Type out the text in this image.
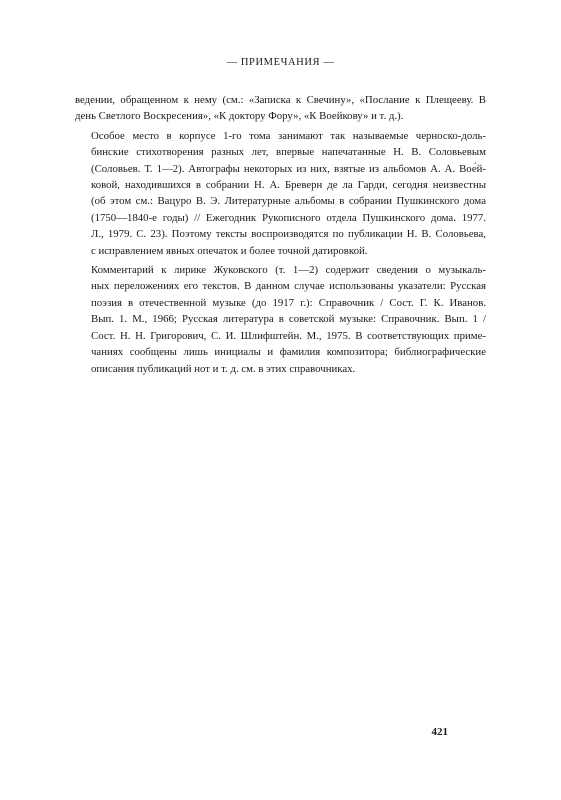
— ПРИМЕЧАНИЯ —

ведении, обращенном к нему (см.: «Записка к Свечину», «Послание к Плещееву. В
день Светлого Воскресения», «К доктору Фору», «К Воейкову» и т. д.).

Особое место в корпусе 1-го тома занимают так называемые черноско-доль-
бинские стихотворения разных лет, впервые напечатанные Н. В. Соловьевым
(Соловьев. Т. 1—2). Автографы некоторых из них, взятые из альбомов А. А. Вое́й-
ковой, находившихся в собрании Н. А. Бреверн де ла Гарди, сегодня неизвестны
(об этом см.: Вацуро В. Э. Литературные альбомы в собрании Пушкинского дома
(1750—1840-е годы) // Ежегодник Рукописного отдела Пушкинского дома. 1977.
Л., 1979. С. 23). Поэтому тексты воспроизводятся по публикации Н. В. Соловьева,
с исправлением явных опечаток и более точной датировкой.

Комментарий к лирике Жуковского (т. 1—2) содержит сведения о музыкаль-
ных переложениях его текстов. В данном случае использованы указатели: Русская
поэзия в отечественной музыке (до 1917 г.): Справочник / Сост. Г. К. Иванов.
Вып. 1. М., 1966; Русская литература в советской музыке: Справочник. Вып. 1 /
Сост. Н. Н. Григорович, С. И. Шлифштейн. М., 1975. В соответствующих приме-
чаниях сообщены лишь инициалы и фамилия композитора; библиографические
описания публикаций нот и т. д. см. в этих справочниках.

421
